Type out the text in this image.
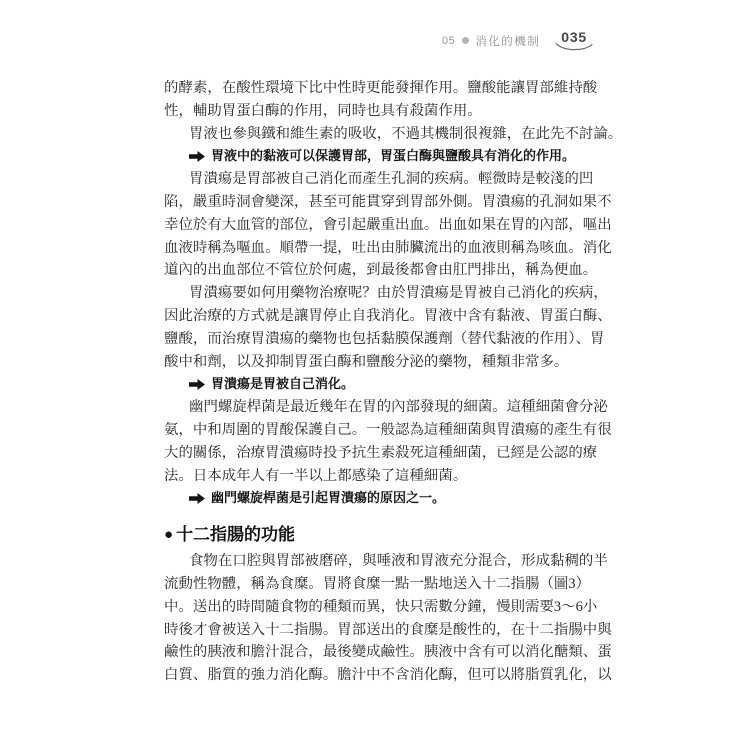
05 消化的機制	035
的酵素，在酸性環境下比中性時更能發揮作用。鹽酸能讓胃部維持酸
性，輔助胃蛋白酶的作用，同時也具有殺菌作用。
胃液也參與鐵和維生素的吸收，不過其機制很複雜，在此先不討論。
胃液中的黏液可以保護胃部，胃蛋白酶與鹽酸具有消化的作用。
胃潰瘍是胃部被自己消化而產生孔洞的疾病。輕微時是較淺的凹
陷，嚴重時洞會變深，甚至可能貫穿到胃部外側。胃潰瘍的孔洞如果不
幸位於有大血管的部位，會引起嚴重出血。出血如果在胃的內部，嘔出
血液時稱為嘔血。順帶一提，吐出由肺臟流出的血液則稱為咳血。消化
道內的出血部位不管位於何處，到最後都會由肛門排出，稱為便血。
胃潰瘍要如何用藥物治療呢？由於胃潰瘍是胃被自己消化的疾病，
因此治療的方式就是讓胃停止自我消化。胃液中含有黏液、胃蛋白酶、
鹽酸，而治療胃潰瘍的藥物也包括黏膜保護劑（替代黏液的作用）、胃
酸中和劑，以及抑制胃蛋白酶和鹽酸分泌的藥物，種類非常多。
胃潰瘍是胃被自己消化。
幽門螺旋桿菌是最近幾年在胃的內部發現的細菌。這種細菌會分泌
氨，中和周圍的胃酸保護自己。一般認為這種細菌與胃潰瘍的產生有很
大的關係，治療胃潰瘍時投予抗生素殺死這種細菌，已經是公認的療
法。日本成年人有一半以上都感染了這種細菌。
幽門螺旋桿菌是引起胃潰瘍的原因之一。
● 十二指腸的功能
食物在口腔與胃部被磨碎，與唾液和胃液充分混合，形成黏稠的半
流動性物體，稱為食糜。胃將食糜一點一點地送入十二指腸（圖3）
中。送出的時間隨食物的種類而異，快只需數分鐘，慢則需要3～6小
時後才會被送入十二指腸。胃部送出的食糜是酸性的，在十二指腸中與
鹼性的胰液和膽汁混合，最後變成鹼性。胰液中含有可以消化醣類、蛋
白質、脂質的強力消化酶。膽汁中不含消化酶，但可以將脂質乳化，以
